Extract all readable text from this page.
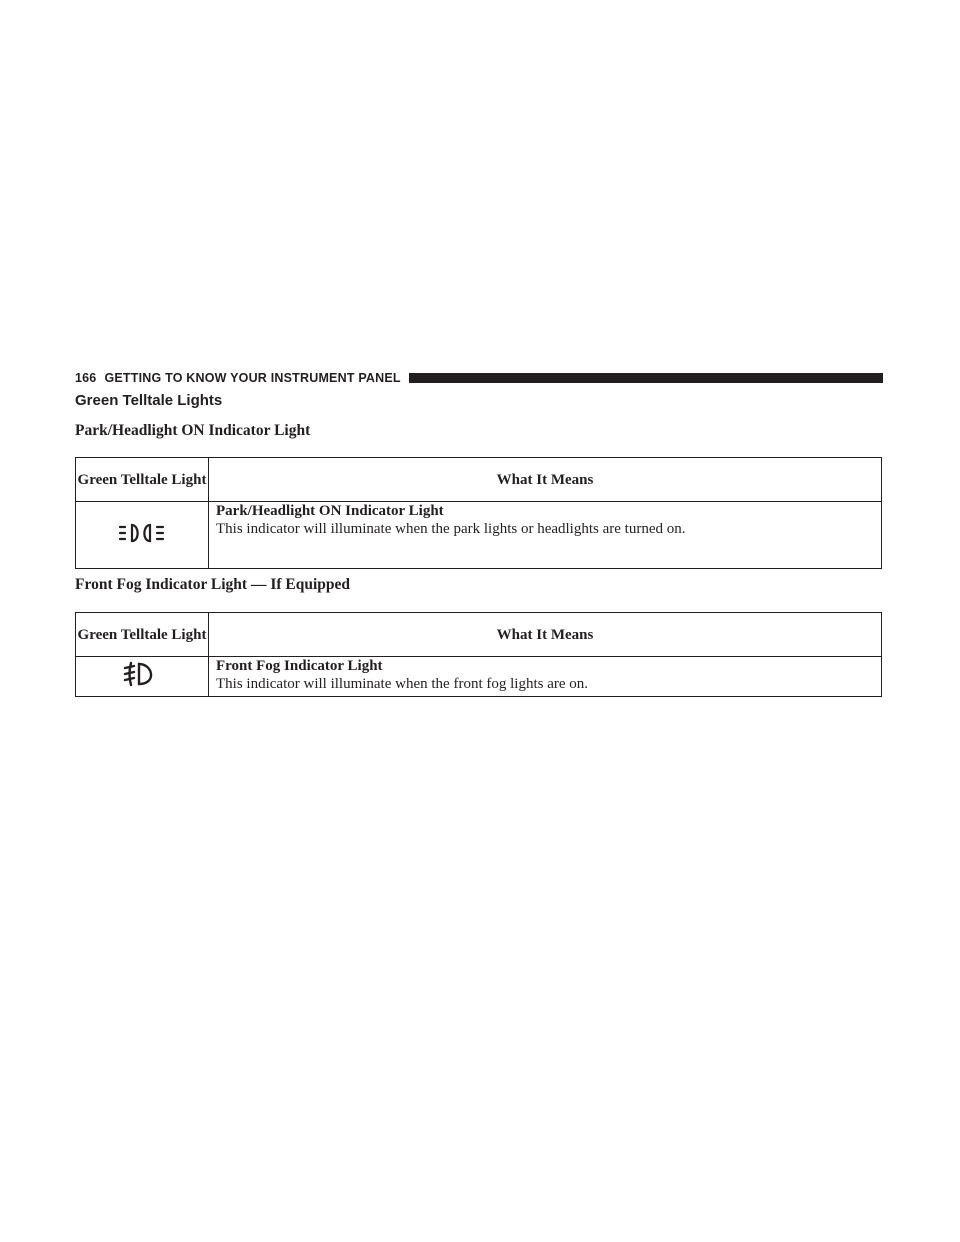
166 GETTING TO KNOW YOUR INSTRUMENT PANEL
Green Telltale Lights
Park/Headlight ON Indicator Light
Green Telltale Light	What It Means

Park/Headlight ON Indicator Light
This indicator will illuminate when the park lights or headlights are turned on.
Front Fog Indicator Light — If Equipped
Green Telltale Light	What It Means

Front Fog Indicator Light
This indicator will illuminate when the front fog lights are on.
